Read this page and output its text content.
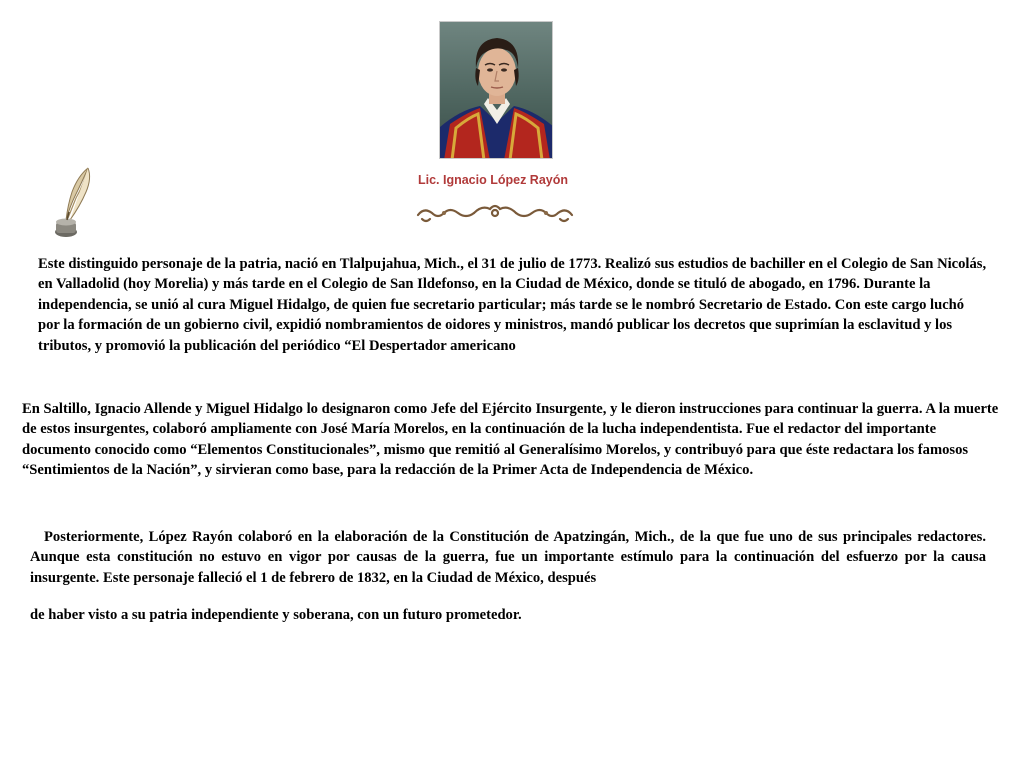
Lic. Ignacio López Rayón

Este distinguido personaje de la patria, nació en Tlalpujahua, Mich., el 31 de julio de 1773. Realizó sus estudios de bachiller en el Colegio de San Nicolás, en Valladolid (hoy Morelia) y más tarde en el Colegio de San Ildefonso, en la Ciudad de México, donde se tituló de abogado, en 1796. Durante la independencia, se unió al cura Miguel Hidalgo, de quien fue secretario particular; más tarde se le nombró Secretario de Estado. Con este cargo luchó por la formación de un gobierno civil, expidió nombramientos de oidores y ministros, mandó publicar los decretos que suprimían la esclavitud y los tributos, y promovió la publicación del periódico “El Despertador americano

En Saltillo, Ignacio Allende y Miguel Hidalgo lo designaron como Jefe del Ejército Insurgente, y le dieron instrucciones para continuar la guerra. A la muerte de estos insurgentes, colaboró ampliamente con José María Morelos, en la continuación de la lucha independentista. Fue el redactor del importante documento conocido como “Elementos Constitucionales”, mismo que remitió al Generalísimo Morelos, y contribuyó para que éste redactara los famosos “Sentimientos de la Nación”, y sirvieran como base, para la redacción de la Primer Acta de Independencia de México.

Posteriormente, López Rayón colaboró en la elaboración de la Constitución de Apatzingán, Mich., de la que fue uno de sus principales redactores. Aunque esta constitución no estuvo en vigor por causas de la guerra, fue un importante estímulo para la continuación del esfuerzo por la causa insurgente. Este personaje falleció el 1 de febrero de 1832, en la Ciudad de México, después

de haber visto a su patria independiente y soberana, con un futuro prometedor.
